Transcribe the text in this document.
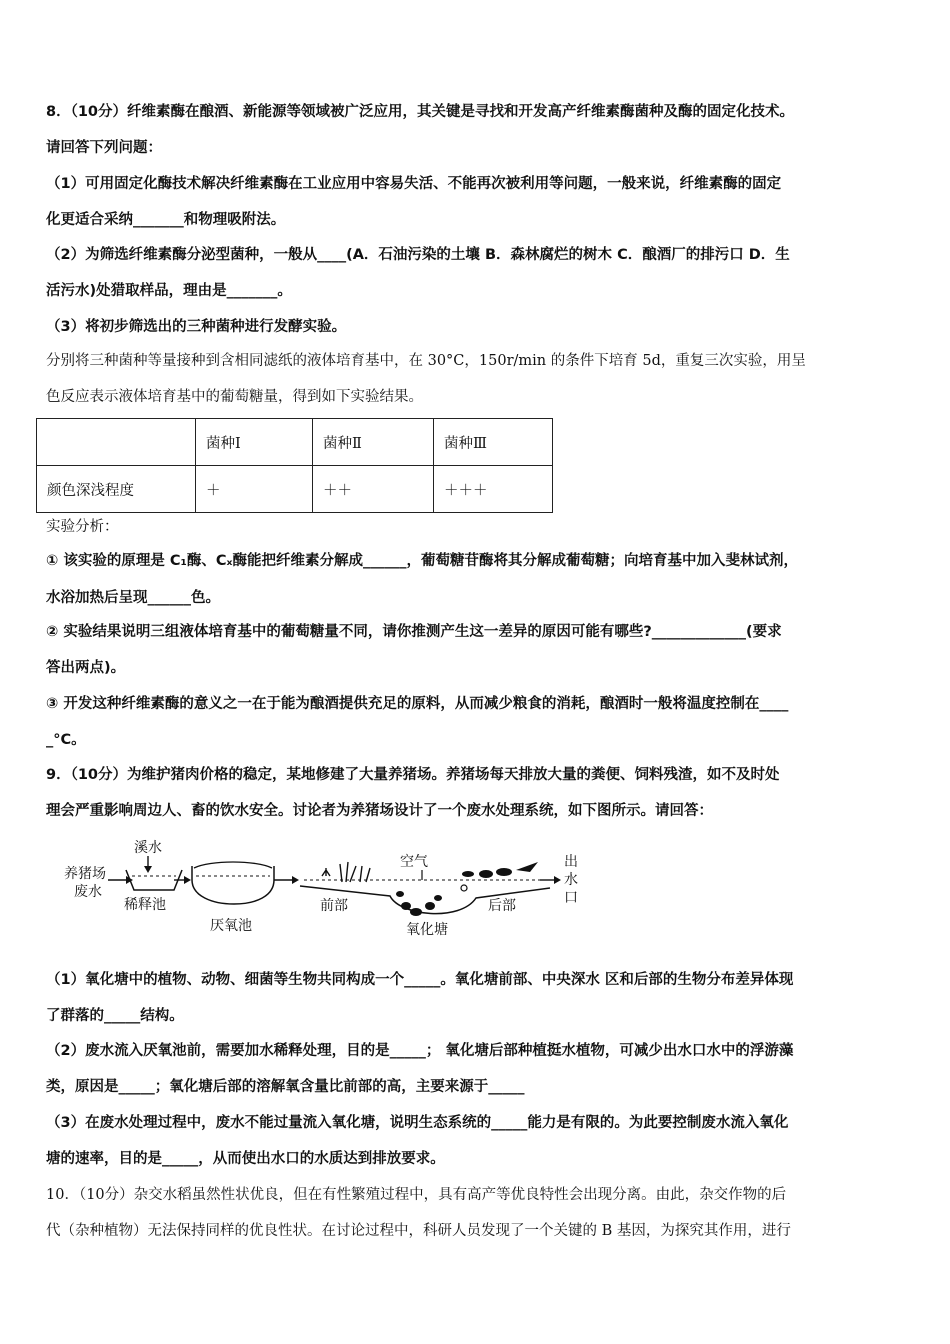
8．（10分）纤维素酶在酿酒、新能源等领域被广泛应用，其关键是寻找和开发高产纤维素酶菌种及酶的固定化技术。
请回答下列问题：
（1）可用固定化酶技术解决纤维素酶在工业应用中容易失活、不能再次被利用等问题，一般来说，纤维素酶的固定
化更适合采纳_______和物理吸附法。
（2）为筛选纤维素酶分泌型菌种，一般从____(A．石油污染的土壤 B．森林腐烂的树木 C．酿酒厂的排污口 D．生
活污水)处猎取样品，理由是_______。
（3）将初步筛选出的三种菌种进行发酵实验。
分别将三种菌种等量接种到含相同滤纸的液体培育基中，在 30°C，150r/min 的条件下培育 5d，重复三次实验，用呈
色反应表示液体培育基中的葡萄糖量，得到如下实验结果。
	菌种Ⅰ	菌种Ⅱ	菌种Ⅲ
颜色深浅程度	＋	＋＋	＋＋＋
实验分析：
① 该实验的原理是 C₁酶、Cₓ酶能把纤维素分解成______，葡萄糖苷酶将其分解成葡萄糖；向培育基中加入斐林试剂，
水浴加热后呈现______色。
② 实验结果说明三组液体培育基中的葡萄糖量不同，请你推测产生这一差异的原因可能有哪些?_____________(要求
答出两点)。
③ 开发这种纤维素酶的意义之一在于能为酿酒提供充足的原料，从而减少粮食的消耗，酿酒时一般将温度控制在____
_°C。
9．（10分）为维护猪肉价格的稳定，某地修建了大量养猪场。养猪场每天排放大量的粪便、饲料残渣，如不及时处
理会严重影响周边人、畜的饮水安全。讨论者为养猪场设计了一个废水处理系统，如下图所示。请回答：
养猪场
废水
溪水
稀释池
厌氧池
前部	后部
氧化塘
空气	出
水
口
（1）氧化塘中的植物、动物、细菌等生物共同构成一个_____。氧化塘前部、中央深水 区和后部的生物分布差异体现
了群落的_____结构。
（2）废水流入厌氧池前，需要加水稀释处理，目的是_____； 氧化塘后部种植挺水植物，可减少出水口水中的浮游藻
类，原因是_____；氧化塘后部的溶解氧含量比前部的高，主要来源于_____
（3）在废水处理过程中，废水不能过量流入氧化塘，说明生态系统的_____能力是有限的。为此要控制废水流入氧化
塘的速率，目的是_____，从而使出水口的水质达到排放要求。
10．（10分）杂交水稻虽然性状优良，但在有性繁殖过程中，具有高产等优良特性会出现分离。由此，杂交作物的后
代（杂种植物）无法保持同样的优良性状。在讨论过程中，科研人员发现了一个关键的 B 基因，为探究其作用，进行
